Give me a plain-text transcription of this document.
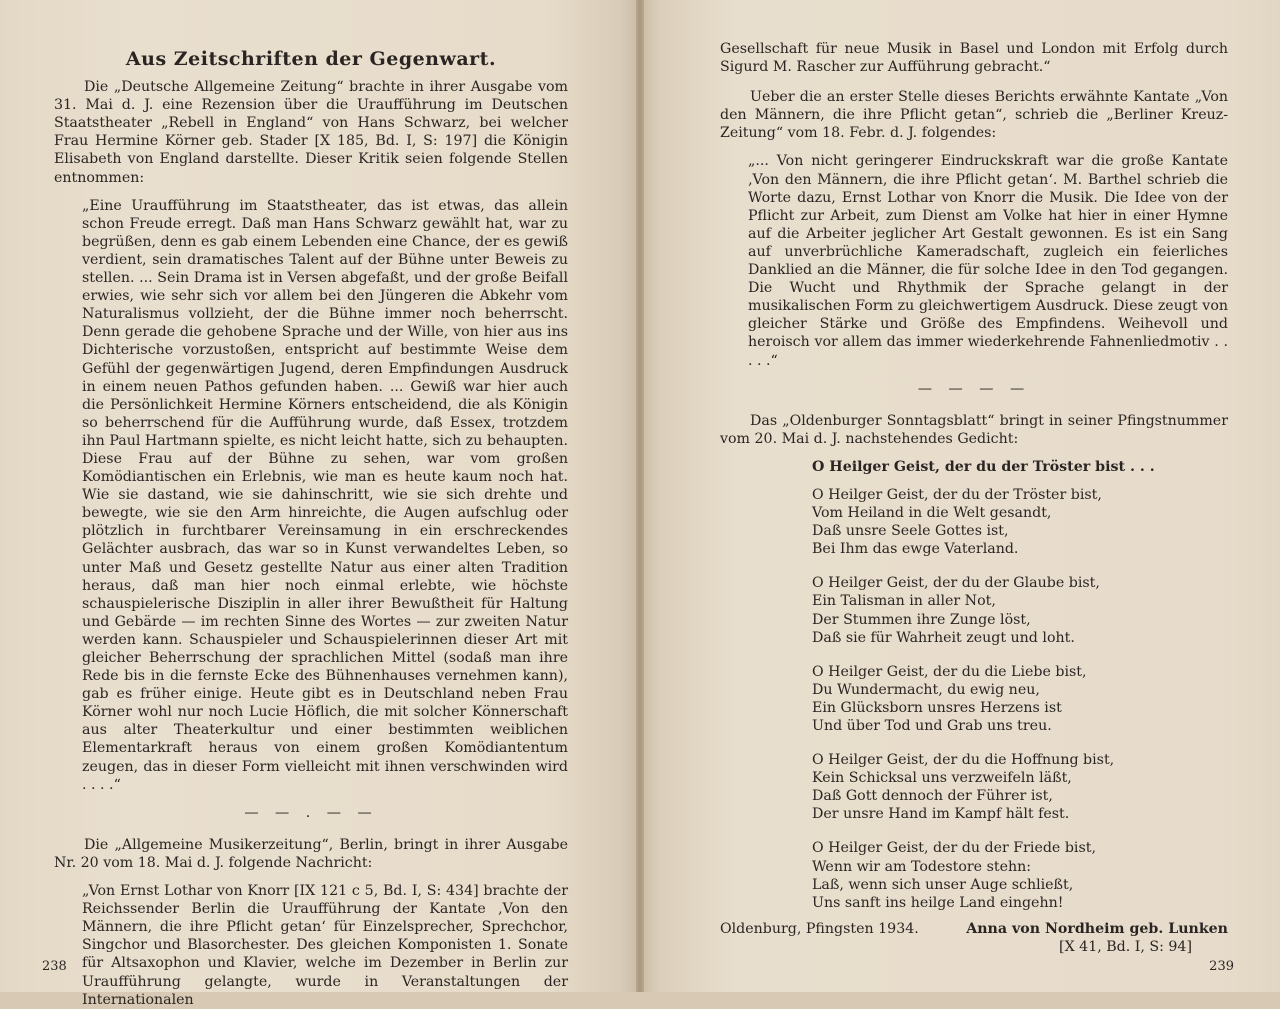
Aus Zeitschriften der Gegenwart.

Die „Deutsche Allgemeine Zeitung“ brachte in ihrer Ausgabe vom 31. Mai d. J. eine Rezension über die Uraufführung im Deutschen Staatstheater „Rebell in England“ von Hans Schwarz, bei welcher Frau Hermine Körner geb. Stader [X 185, Bd. I, S: 197] die Königin Elisabeth von England darstellte. Dieser Kritik seien folgende Stellen entnommen:

„Eine Uraufführung im Staatstheater, das ist etwas, das allein schon Freude erregt. Daß man Hans Schwarz gewählt hat, war zu begrüßen, denn es gab einem Lebenden eine Chance, der es gewiß verdient, sein dramatisches Talent auf der Bühne unter Beweis zu stellen. ... Sein Drama ist in Versen abgefaßt, und der große Beifall erwies, wie sehr sich vor allem bei den Jüngeren die Abkehr vom Naturalismus vollzieht, der die Bühne immer noch beherrscht. Denn gerade die gehobene Sprache und der Wille, von hier aus ins Dichterische vorzustoßen, entspricht auf bestimmte Weise dem Gefühl der gegenwärtigen Jugend, deren Empfindungen Ausdruck in einem neuen Pathos gefunden haben. ... Gewiß war hier auch die Persönlichkeit Hermine Körners entscheidend, die als Königin so beherrschend für die Aufführung wurde, daß Essex, trotzdem ihn Paul Hartmann spielte, es nicht leicht hatte, sich zu behaupten. Diese Frau auf der Bühne zu sehen, war vom großen Komödiantischen ein Erlebnis, wie man es heute kaum noch hat. Wie sie dastand, wie sie dahinschritt, wie sie sich drehte und bewegte, wie sie den Arm hinreichte, die Augen aufschlug oder plötzlich in furchtbarer Vereinsamung in ein erschreckendes Gelächter ausbrach, das war so in Kunst verwandeltes Leben, so unter Maß und Gesetz gestellte Natur aus einer alten Tradition heraus, daß man hier noch einmal erlebte, wie höchste schauspielerische Disziplin in aller ihrer Bewußtheit für Haltung und Gebärde — im rechten Sinne des Wortes — zur zweiten Natur werden kann. Schauspieler und Schauspielerinnen dieser Art mit gleicher Beherrschung der sprachlichen Mittel (sodaß man ihre Rede bis in die fernste Ecke des Bühnenhauses vernehmen kann), gab es früher einige. Heute gibt es in Deutschland neben Frau Körner wohl nur noch Lucie Höflich, die mit solcher Könnerschaft aus alter Theaterkultur und einer bestimmten weiblichen Elementarkraft heraus von einem großen Komödiantentum zeugen, das in dieser Form vielleicht mit ihnen verschwinden wird . . . .“

— — . — —

Die „Allgemeine Musikerzeitung“, Berlin, bringt in ihrer Ausgabe Nr. 20 vom 18. Mai d. J. folgende Nachricht:

„Von Ernst Lothar von Knorr [IX 121 c 5, Bd. I, S: 434] brachte der Reichssender Berlin die Uraufführung der Kantate ‚Von den Männern, die ihre Pflicht getan‘ für Einzelsprecher, Sprechchor, Singchor und Blasorchester. Des gleichen Komponisten 1. Sonate für Altsaxophon und Klavier, welche im Dezember in Berlin zur Uraufführung gelangte, wurde in Veranstaltungen der Internationalen

238

Gesellschaft für neue Musik in Basel und London mit Erfolg durch Sigurd M. Rascher zur Aufführung gebracht.“

Ueber die an erster Stelle dieses Berichts erwähnte Kantate „Von den Männern, die ihre Pflicht getan“, schrieb die „Berliner Kreuz-Zeitung“ vom 18. Febr. d. J. folgendes:

„... Von nicht geringerer Eindruckskraft war die große Kantate ‚Von den Männern, die ihre Pflicht getan‘. M. Barthel schrieb die Worte dazu, Ernst Lothar von Knorr die Musik. Die Idee von der Pflicht zur Arbeit, zum Dienst am Volke hat hier in einer Hymne auf die Arbeiter jeglicher Art Gestalt gewonnen. Es ist ein Sang auf unverbrüchliche Kameradschaft, zugleich ein feierliches Danklied an die Männer, die für solche Idee in den Tod gegangen. Die Wucht und Rhythmik der Sprache gelangt in der musikalischen Form zu gleichwertigem Ausdruck. Diese zeugt von gleicher Stärke und Größe des Empfindens. Weihevoll und heroisch vor allem das immer wiederkehrende Fahnenliedmotiv . . . . .“

— — — —

Das „Oldenburger Sonntagsblatt“ bringt in seiner Pfingstnummer vom 20. Mai d. J. nachstehendes Gedicht:

O Heilger Geist, der du der Tröster bist . . .
O Heilger Geist, der du der Tröster bist,
Vom Heiland in die Welt gesandt,
Daß unsre Seele Gottes ist,
Bei Ihm das ewge Vaterland.
O Heilger Geist, der du der Glaube bist,
Ein Talisman in aller Not,
Der Stummen ihre Zunge löst,
Daß sie für Wahrheit zeugt und loht.
O Heilger Geist, der du die Liebe bist,
Du Wundermacht, du ewig neu,
Ein Glücksborn unsres Herzens ist
Und über Tod und Grab uns treu.
O Heilger Geist, der du die Hoffnung bist,
Kein Schicksal uns verzweifeln läßt,
Daß Gott dennoch der Führer ist,
Der unsre Hand im Kampf hält fest.
O Heilger Geist, der du der Friede bist,
Wenn wir am Todestore stehn:
Laß, wenn sich unser Auge schließt,
Uns sanft ins heilge Land eingehn!
Oldenburg, Pfingsten 1934.	Anna von Nordheim geb. Lunken
[X 41, Bd. I, S: 94]
239
